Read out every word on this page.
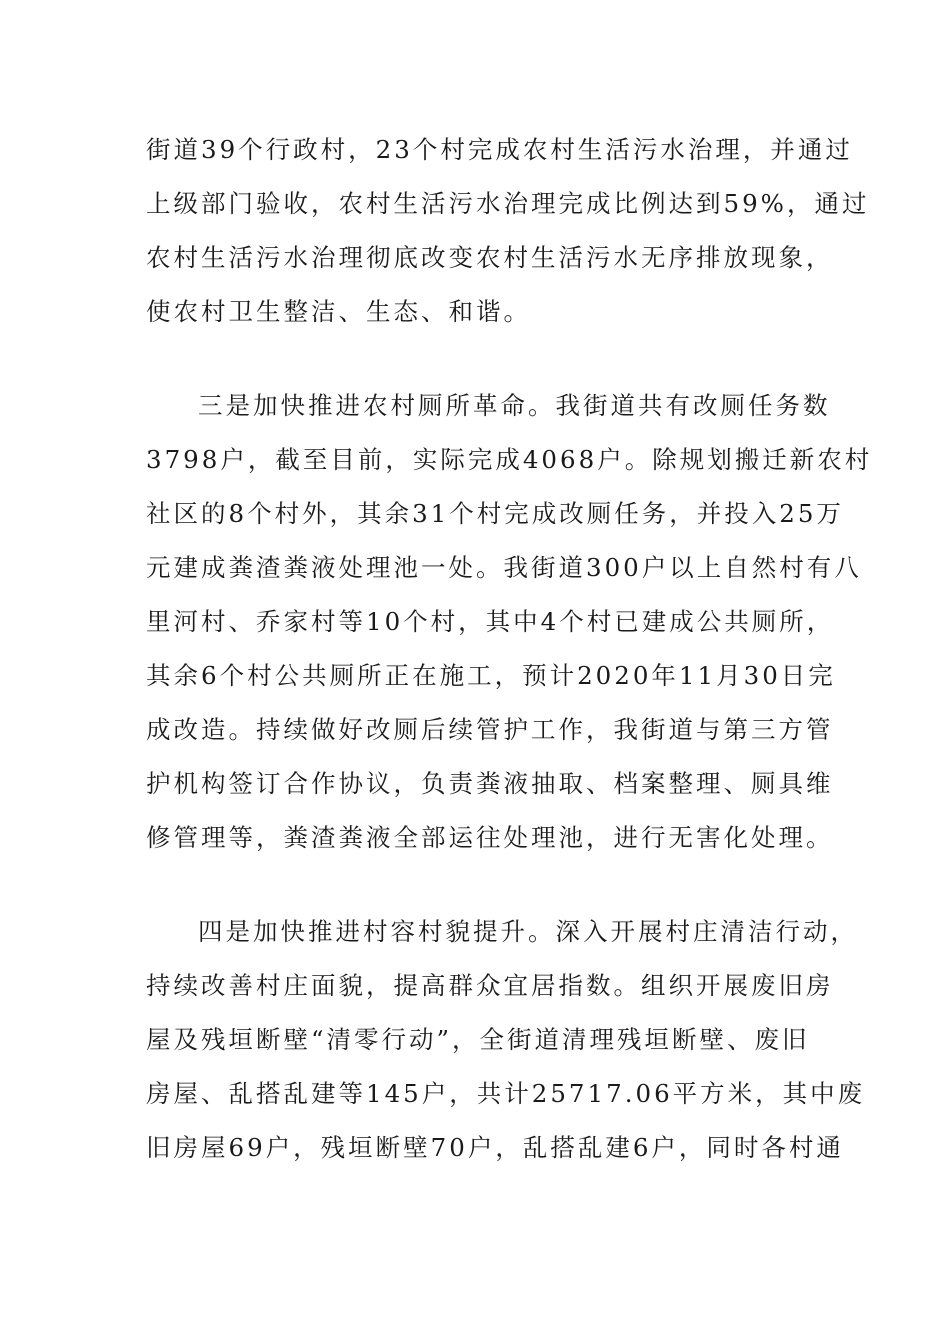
街道39个行政村，23个村完成农村生活污水治理，并通过
上级部门验收，农村生活污水治理完成比例达到59%，通过
农村生活污水治理彻底改变农村生活污水无序排放现象，
使农村卫生整洁、生态、和谐。
三是加快推进农村厕所革命。我街道共有改厕任务数
3798户，截至目前，实际完成4068户。除规划搬迁新农村
社区的8个村外，其余31个村完成改厕任务，并投入25万
元建成粪渣粪液处理池一处。我街道300户以上自然村有八
里河村、乔家村等10个村，其中4个村已建成公共厕所，
其余6个村公共厕所正在施工，预计2020年11月30日完
成改造。持续做好改厕后续管护工作，我街道与第三方管
护机构签订合作协议，负责粪液抽取、档案整理、厕具维
修管理等，粪渣粪液全部运往处理池，进行无害化处理。
四是加快推进村容村貌提升。深入开展村庄清洁行动，
持续改善村庄面貌，提高群众宜居指数。组织开展废旧房
屋及残垣断壁“清零行动”，全街道清理残垣断壁、废旧
房屋、乱搭乱建等145户，共计25717.06平方米，其中废
旧房屋69户，残垣断壁70户，乱搭乱建6户，同时各村通
